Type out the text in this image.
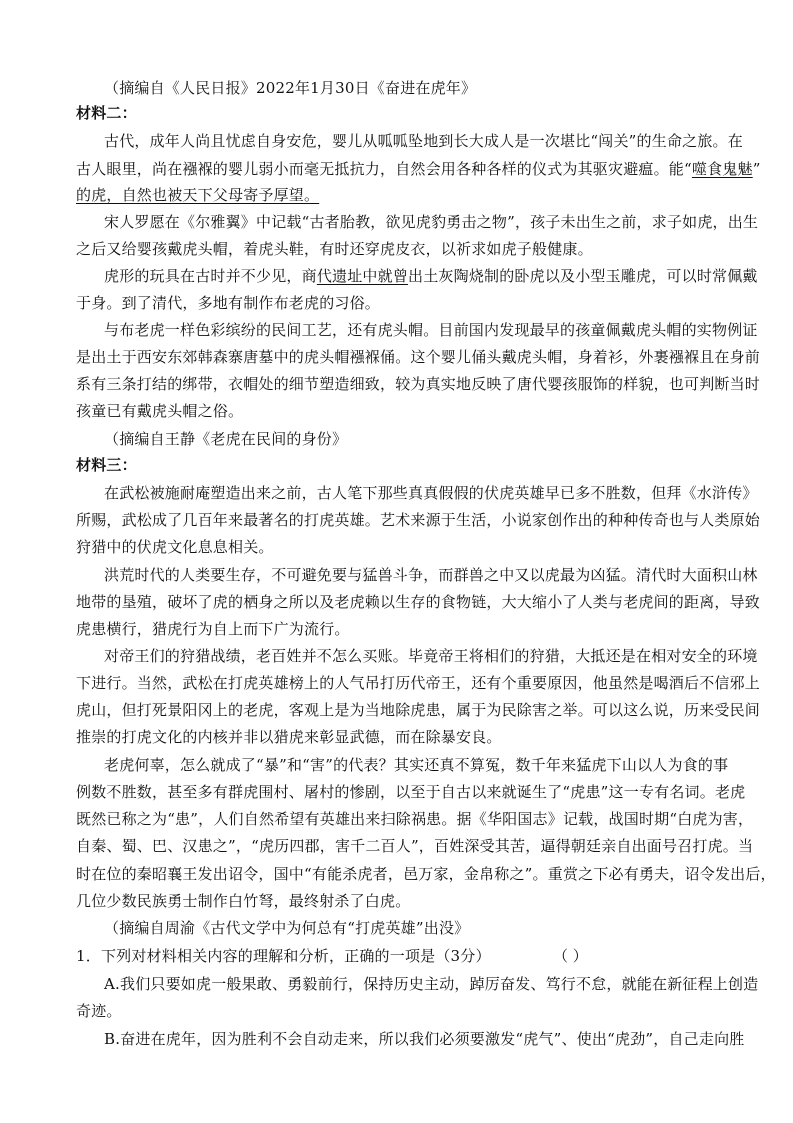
（摘编自《人民日报》2022年1月30日《奋进在虎年》
材料二：
古代，成年人尚且忧虑自身安危，婴儿从呱呱坠地到长大成人是一次堪比“闯关”的生命之旅。在
古人眼里，尚在襁褓的婴儿弱小而毫无抵抗力，自然会用各种各样的仪式为其驱灾避瘟。能“噬食鬼魅”
的虎，自然也被天下父母寄予厚望。
宋人罗愿在《尔雅翼》中记载“古者胎教，欲见虎豹勇击之物”，孩子未出生之前，求子如虎，出生
之后又给婴孩戴虎头帽，着虎头鞋，有时还穿虎皮衣，以祈求如虎子般健康。
虎形的玩具在古时并不少见，商代遗址中就曾出土灰陶烧制的卧虎以及小型玉雕虎，可以时常佩戴
于身。到了清代，多地有制作布老虎的习俗。
与布老虎一样色彩缤纷的民间工艺，还有虎头帽。目前国内发现最早的孩童佩戴虎头帽的实物例证
是出土于西安东郊韩森寨唐墓中的虎头帽襁褓俑。这个婴儿俑头戴虎头帽，身着衫，外裹襁褓且在身前
系有三条打结的绑带，衣帽处的细节塑造细致，较为真实地反映了唐代婴孩服饰的样貌，也可判断当时
孩童已有戴虎头帽之俗。
（摘编自王静《老虎在民间的身份》
材料三：
在武松被施耐庵塑造出来之前，古人笔下那些真真假假的伏虎英雄早已多不胜数，但拜《水浒传》
所赐，武松成了几百年来最著名的打虎英雄。艺术来源于生活，小说家创作出的种种传奇也与人类原始
狩猎中的伏虎文化息息相关。
洪荒时代的人类要生存，不可避免要与猛兽斗争，而群兽之中又以虎最为凶猛。清代时大面积山林
地带的垦殖，破坏了虎的栖身之所以及老虎赖以生存的食物链，大大缩小了人类与老虎间的距离，导致
虎患横行，猎虎行为自上而下广为流行。
对帝王们的狩猎战绩，老百姓并不怎么买账。毕竟帝王将相们的狩猎，大抵还是在相对安全的环境
下进行。当然，武松在打虎英雄榜上的人气吊打历代帝王，还有个重要原因，他虽然是喝酒后不信邪上
虎山，但打死景阳冈上的老虎，客观上是为当地除虎患，属于为民除害之举。可以这么说，历来受民间
推崇的打虎文化的内核并非以猎虎来彰显武德，而在除暴安良。
老虎何辜，怎么就成了“暴”和“害”的代表？其实还真不算冤，数千年来猛虎下山以人为食的事
例数不胜数，甚至多有群虎围村、屠村的惨剧，以至于自古以来就诞生了“虎患”这一专有名词。老虎
既然已称之为“患”，人们自然希望有英雄出来扫除祸患。据《华阳国志》记载，战国时期“白虎为害，
自秦、蜀、巴、汉患之”，“虎历四郡，害千二百人”，百姓深受其苦，逼得朝廷亲自出面号召打虎。当
时在位的秦昭襄王发出诏令，国中“有能杀虎者，邑万家，金帛称之”。重赏之下必有勇夫，诏令发出后，
几位少数民族勇士制作白竹弩，最终射杀了白虎。
（摘编自周渝《古代文学中为何总有“打虎英雄”出没》
1．下列对材料相关内容的理解和分析，正确的一项是（3分）	（ ）
A.我们只要如虎一般果敢、勇毅前行，保持历史主动，踔厉奋发、笃行不怠，就能在新征程上创造
奇迹。
B.奋进在虎年，因为胜利不会自动走来，所以我们必须要激发“虎气”、使出“虎劲”，自己走向胜
